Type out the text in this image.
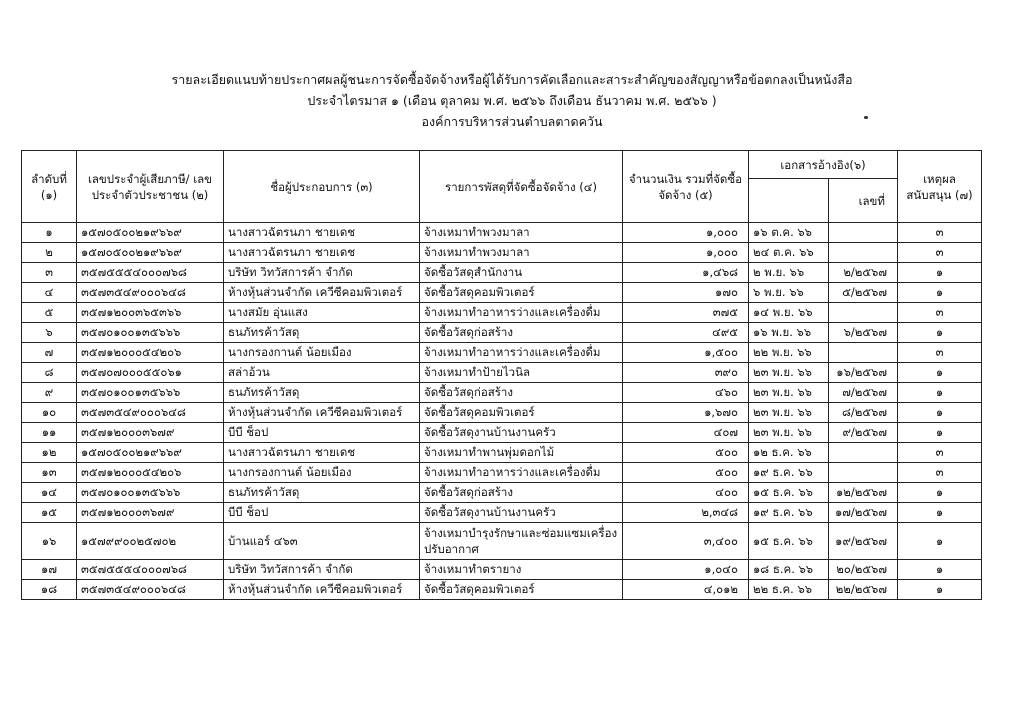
รายละเอียดแนบท้ายประกาศผลผู้ชนะการจัดซื้อจัดจ้างหรือผู้ได้รับการคัดเลือกและสาระสำคัญของสัญญาหรือข้อตกลงเป็นหนังสือ
ประจำไตรมาส ๑ (เดือน ตุลาคม พ.ศ. ๒๕๖๖ ถึงเดือน ธันวาคม พ.ศ. ๒๕๖๖ )
องค์การบริหารส่วนตำบลตาดควัน
ลำดับที่ (๑)	เลขประจำผู้เสียภาษี/ เลขประจำตัวประชาชน (๒)	ชื่อผู้ประกอบการ (๓)	รายการพัสดุที่จัดซื้อจัดจ้าง (๔)	จำนวนเงิน รวมที่จัดซื้อ จัดจ้าง (๕)	เอกสารอ้างอิง(๖)		เหตุผล สนับสนุน (๗)

						เลขที่	

๑	๑๕๗๐๕๐๐๒๑๙๖๖๙	นางสาวฉัตรนภา ชายเดช	จ้างเหมาทำพวงมาลา	๑,๐๐๐	๑๖ ต.ค. ๖๖		๓
๒	๑๕๗๐๕๐๐๒๑๙๖๖๙	นางสาวฉัตรนภา ชายเดช	จ้างเหมาทำพวงมาลา	๑,๐๐๐	๒๔ ต.ค. ๖๖		๓
๓	๓๕๗๕๕๕๔๐๐๐๗๖๘	บริษัท วิทวัสการค้า จำกัด	จัดซื้อวัสดุสำนักงาน	๑,๔๖๘	๒ พ.ย. ๖๖	๒/๒๕๖๗	๑
๔	๓๕๗๓๕๔๙๐๐๐๖๔๘	ห้างหุ้นส่วนจำกัด เควีซีคอมพิวเตอร์	จัดซื้อวัสดุคอมพิวเตอร์	๑๗๐	๖ พ.ย. ๖๖	๕/๒๕๖๗	๑
๕	๓๕๗๑๒๐๐๓๖๕๓๖๖	นางสมัย อุ่นแสง	จ้างเหมาทำอาหารว่างและเครื่องดื่ม	๓๗๕	๑๔ พ.ย. ๖๖		๓
๖	๓๕๗๐๑๐๐๑๓๕๖๖๖	ธนภัทรค้าวัสดุ	จัดซื้อวัสดุก่อสร้าง	๔๙๕	๑๖ พ.ย. ๖๖	๖/๒๕๖๗	๑
๗	๓๕๗๑๒๐๐๐๕๔๒๐๖	นางกรองกานต์ น้อยเมือง	จ้างเหมาทำอาหารว่างและเครื่องดื่ม	๑,๕๐๐	๒๒ พ.ย. ๖๖		๓
๘	๓๕๗๐๗๐๐๐๕๕๐๖๑	สล่าอ้วน	จ้างเหมาทำป้ายไวนิล	๓๙๐	๒๓ พ.ย. ๖๖	๑๖/๒๕๖๗	๑
๙	๓๕๗๐๑๐๐๑๓๕๖๖๖	ธนภัทรค้าวัสดุ	จัดซื้อวัสดุก่อสร้าง	๔๖๐	๒๓ พ.ย. ๖๖	๗/๒๕๖๗	๑
๑๐	๓๕๗๓๕๔๙๐๐๐๖๔๘	ห้างหุ้นส่วนจำกัด เควีซีคอมพิวเตอร์	จัดซื้อวัสดุคอมพิวเตอร์	๑,๖๗๐	๒๓ พ.ย. ๖๖	๘/๒๕๖๗	๑
๑๑	๓๕๗๑๒๐๐๐๓๖๗๙	บีบี ช็อป	จัดซื้อวัสดุงานบ้านงานครัว	๔๐๗	๒๓ พ.ย. ๖๖	๙/๒๕๖๗	๑
๑๒	๑๕๗๐๕๐๐๒๑๙๖๖๙	นางสาวฉัตรนภา ชายเดช	จ้างเหมาทำพานพุ่มดอกไม้	๕๐๐	๑๒ ธ.ค. ๖๖		๓
๑๓	๓๕๗๑๒๐๐๐๕๔๒๐๖	นางกรองกานต์ น้อยเมือง	จ้างเหมาทำอาหารว่างและเครื่องดื่ม	๕๐๐	๑๙ ธ.ค. ๖๖		๓
๑๔	๓๕๗๐๑๐๐๑๓๕๖๖๖	ธนภัทรค้าวัสดุ	จัดซื้อวัสดุก่อสร้าง	๔๐๐	๑๕ ธ.ค. ๖๖	๑๒/๒๕๖๗	๑
๑๕	๓๕๗๑๒๐๐๐๓๖๗๙	บีบี ช็อป	จัดซื้อวัสดุงานบ้านงานครัว	๒,๓๔๘	๑๙ ธ.ค. ๖๖	๑๗/๒๕๖๗	๑
๑๖	๑๕๗๙๙๐๐๒๕๗๐๒	บ้านแอร์ ๔๖๓	จ้างเหมาบำรุงรักษาและซ่อมแซมเครื่องปรับอากาศ	๓,๔๐๐	๑๕ ธ.ค. ๖๖	๑๙/๒๕๖๗	๑
๑๗	๓๕๗๕๕๕๔๐๐๐๗๖๘	บริษัท วิทวัสการค้า จำกัด	จ้างเหมาทำตรายาง	๑,๐๔๐	๑๘ ธ.ค. ๖๖	๒๐/๒๕๖๗	๑
๑๘	๓๕๗๓๕๔๙๐๐๐๖๔๘	ห้างหุ้นส่วนจำกัด เควีซีคอมพิวเตอร์	จัดซื้อวัสดุคอมพิวเตอร์	๔,๐๑๒	๒๒ ธ.ค. ๖๖	๒๒/๒๕๖๗	๑
